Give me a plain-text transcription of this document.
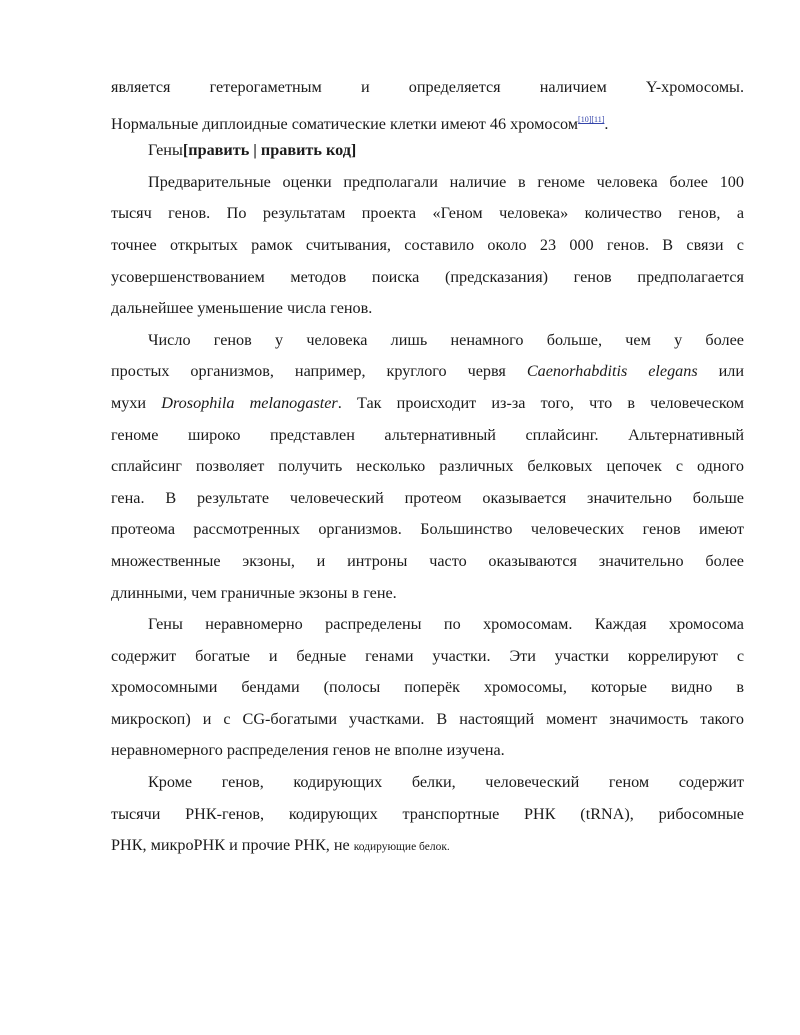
является гетерогаметным и определяется наличием Y-хромосомы.
Нормальные диплоидные соматические клетки имеют 46 хромосом[10][11].
Гены[править | править код]
Предварительные оценки предполагали наличие в геноме человека более 100
тысяч генов. По результатам проекта «Геном человека» количество генов, а
точнее открытых рамок считывания, составило около 23 000 генов. В связи с
усовершенствованием методов поиска (предсказания) генов предполагается
дальнейшее уменьшение числа генов.
Число генов у человека лишь ненамного больше, чем у более
простых организмов, например, круглого червя Caenorhabditis elegans или
мухи Drosophila melanogaster. Так происходит из-за того, что в человеческом
геноме широко представлен альтернативный сплайсинг. Альтернативный
сплайсинг позволяет получить несколько различных белковых цепочек с одного
гена. В результате человеческий протеом оказывается значительно больше
протеома рассмотренных организмов. Большинство человеческих генов имеют
множественные экзоны, и интроны часто оказываются значительно более
длинными, чем граничные экзоны в гене.
Гены неравномерно распределены по хромосомам. Каждая хромосома
содержит богатые и бедные генами участки. Эти участки коррелируют с
хромосомными бендами (полосы поперёк хромосомы, которые видно в
микроскоп) и с CG-богатыми участками. В настоящий момент значимость такого
неравномерного распределения генов не вполне изучена.
Кроме генов, кодирующих белки, человеческий геном содержит
тысячи РНК-генов, кодирующих транспортные РНК (tRNA), рибосомные
РНК, микроРНК и прочие РНК, не кодирующие белок.
